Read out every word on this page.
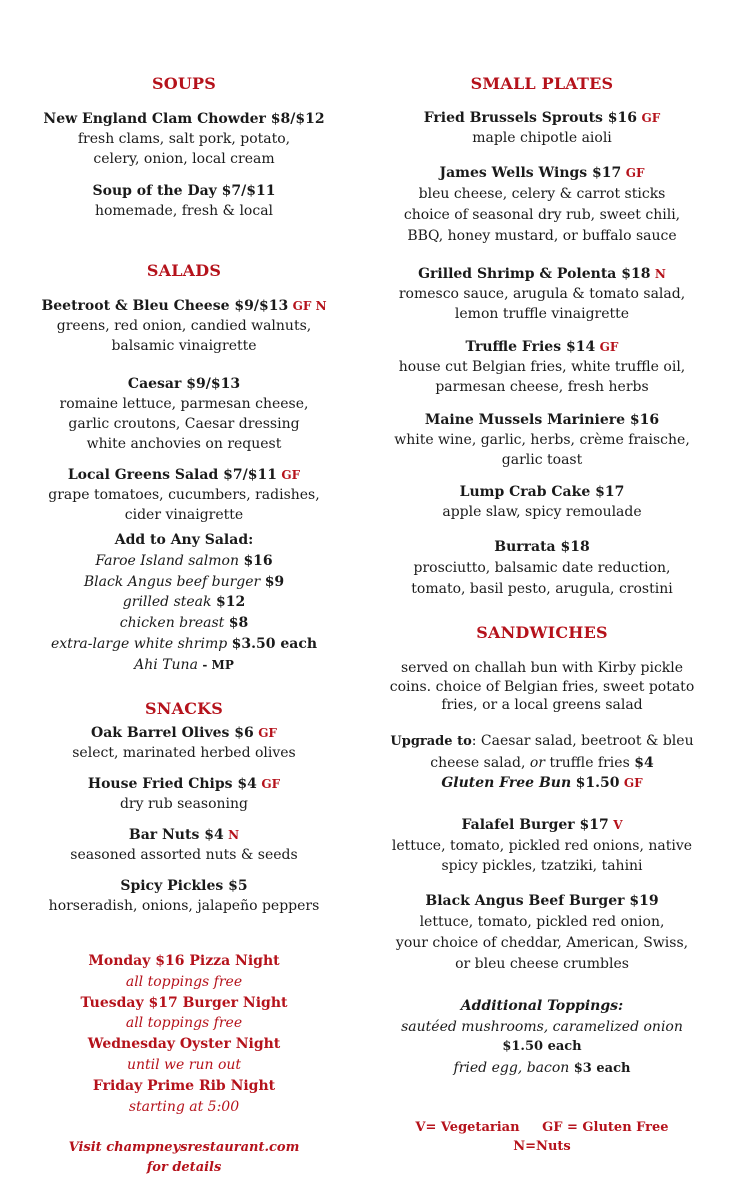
SOUPS
New England Clam Chowder $8/$12
fresh clams, salt pork, potato,
celery, onion, local cream
Soup of the Day $7/$11
homemade, fresh & local
SALADS
Beetroot & Bleu Cheese $9/$13 GF N
greens, red onion, candied walnuts,
balsamic vinaigrette
Caesar $9/$13
romaine lettuce, parmesan cheese,
garlic croutons, Caesar dressing
white anchovies on request
Local Greens Salad $7/$11 GF
grape tomatoes, cucumbers, radishes,
cider vinaigrette
Add to Any Salad:
Faroe Island salmon $16
Black Angus beef burger $9
grilled steak $12
chicken breast $8
extra-large white shrimp $3.50 each
Ahi Tuna - MP
SNACKS
Oak Barrel Olives $6 GF
select, marinated herbed olives
House Fried Chips $4 GF
dry rub seasoning
Bar Nuts $4 N
seasoned assorted nuts & seeds
Spicy Pickles $5
horseradish, onions, jalapeño peppers
Monday $16 Pizza Night
all toppings free
Tuesday $17 Burger Night
all toppings free
Wednesday Oyster Night
until we run out
Friday Prime Rib Night
starting at 5:00
Visit champneysrestaurant.com
for details
SMALL PLATES
Fried Brussels Sprouts $16 GF
maple chipotle aioli
James Wells Wings $17 GF
bleu cheese, celery & carrot sticks
choice of seasonal dry rub, sweet chili,
BBQ, honey mustard, or buffalo sauce
Grilled Shrimp & Polenta $18 N
romesco sauce, arugula & tomato salad,
lemon truffle vinaigrette
Truffle Fries $14 GF
house cut Belgian fries, white truffle oil,
parmesan cheese, fresh herbs
Maine Mussels Mariniere $16
white wine, garlic, herbs, crème fraische,
garlic toast
Lump Crab Cake $17
apple slaw, spicy remoulade
Burrata $18
prosciutto, balsamic date reduction,
tomato, basil pesto, arugula, crostini
SANDWICHES
served on challah bun with Kirby pickle
coins. choice of Belgian fries, sweet potato
fries, or a local greens salad
Upgrade to: Caesar salad, beetroot & bleu
cheese salad, or truffle fries $4
Gluten Free Bun $1.50 GF
Falafel Burger $17 V
lettuce, tomato, pickled red onions, native
spicy pickles, tzatziki, tahini
Black Angus Beef Burger $19
lettuce, tomato, pickled red onion,
your choice of cheddar, American, Swiss,
or bleu cheese crumbles
Additional Toppings:
sautéed mushrooms, caramelized onion
$1.50 each
fried egg, bacon $3 each
V= Vegetarian     GF = Gluten Free
N=Nuts
